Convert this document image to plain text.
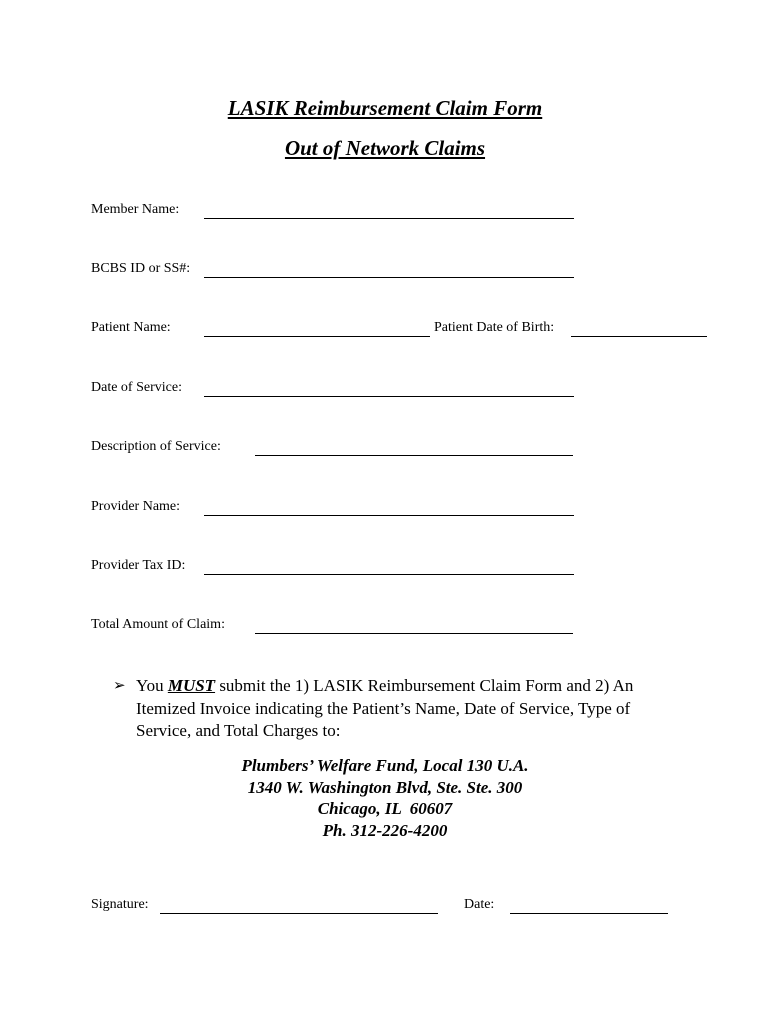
LASIK Reimbursement Claim Form
Out of Network Claims
Member Name:
BCBS ID or SS#:
Patient Name:	Patient Date of Birth:
Date of Service:
Description of Service:
Provider Name:
Provider Tax ID:
Total Amount of Claim:
➢ You MUST submit the 1) LASIK Reimbursement Claim Form and 2) An Itemized Invoice indicating the Patient’s Name, Date of Service, Type of Service, and Total Charges to:
Plumbers’ Welfare Fund, Local 130 U.A.
1340 W. Washington Blvd, Ste. Ste. 300
Chicago, IL  60607
Ph. 312-226-4200
Signature:	Date:
